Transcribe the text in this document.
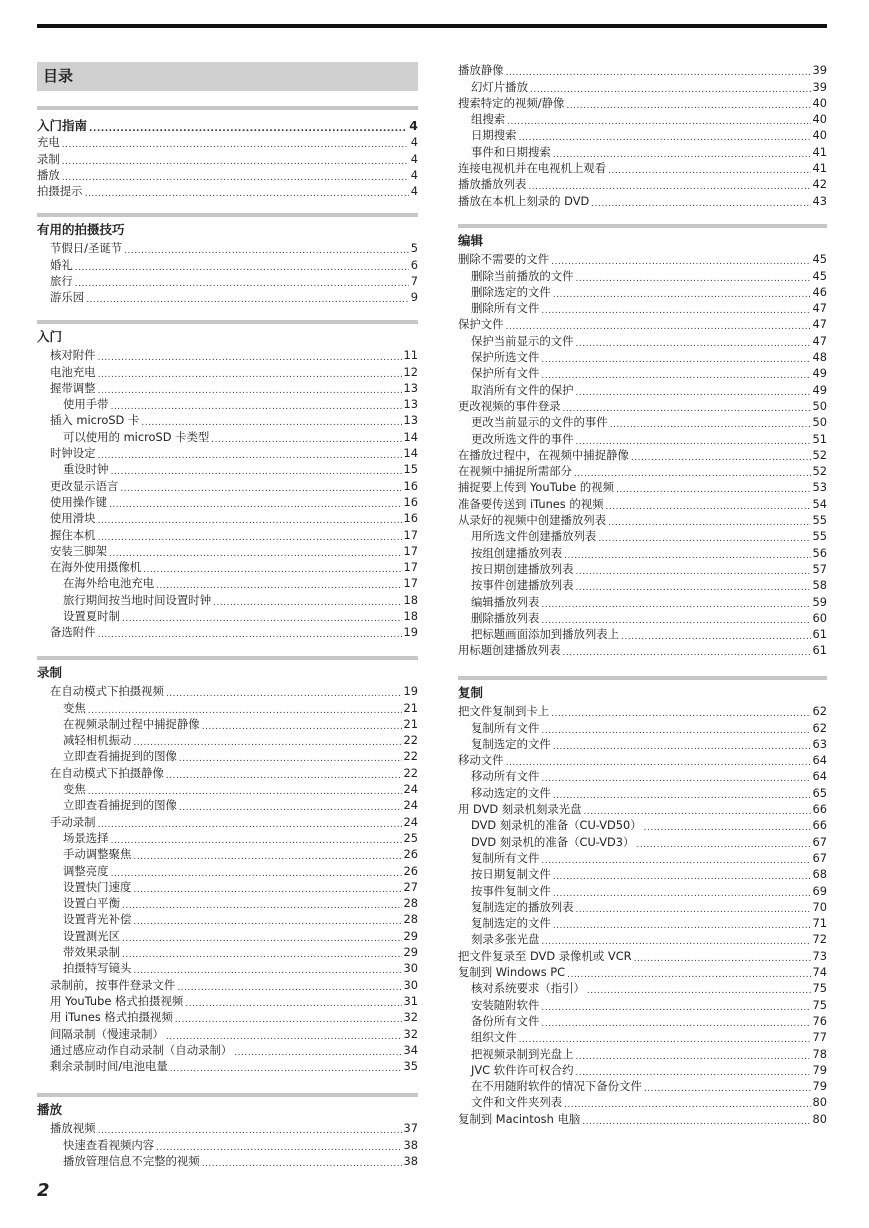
目录
入门指南 .....	4
充电 .....	4
录制 .....	4
播放 .....	4
拍摄提示 .....	4
有用的拍摄技巧
节假日/圣诞节 .....	5
婚礼 .....	6
旅行 .....	7
游乐园 .....	9
入门
核对附件 .....	11
电池充电 .....	12
握带调整 .....	13
使用手带 .....	13
插入 microSD 卡 .....	13
可以使用的 microSD 卡类型 .....	14
时钟设定 .....	14
重设时钟 .....	15
更改显示语言 .....	16
使用操作键 .....	16
使用滑块 .....	16
握住本机 .....	17
安装三脚架 .....	17
在海外使用摄像机 .....	17
在海外给电池充电 .....	17
旅行期间按当地时间设置时钟 .....	18
设置夏时制 .....	18
备选附件 .....	19
录制
在自动模式下拍摄视频 .....	19
变焦 .....	21
在视频录制过程中捕捉静像 .....	21
减轻相机振动 .....	22
立即查看捕捉到的图像 .....	22
在自动模式下拍摄静像 .....	22
变焦 .....	24
立即查看捕捉到的图像 .....	24
手动录制 .....	24
场景选择 .....	25
手动调整聚焦 .....	26
调整亮度 .....	26
设置快门速度 .....	27
设置白平衡 .....	28
设置背光补偿 .....	28
设置测光区 .....	29
带效果录制 .....	29
拍摄特写镜头 .....	30
录制前，按事件登录文件 .....	30
用 YouTube 格式拍摄视频 .....	31
用 iTunes 格式拍摄视频 .....	32
间隔录制（慢速录制） .....	32
通过感应动作自动录制（自动录制） .....	34
剩余录制时间/电池电量 .....	35
播放
播放视频 .....	37
快速查看视频内容 .....	38
播放管理信息不完整的视频 .....	38
播放静像 .....	39
幻灯片播放 .....	39
搜索特定的视频/静像 .....	40
组搜索 .....	40
日期搜索 .....	40
事件和日期搜索 .....	41
连接电视机并在电视机上观看 .....	41
播放播放列表 .....	42
播放在本机上刻录的 DVD .....	43
编辑
删除不需要的文件 .....	45
删除当前播放的文件 .....	45
删除选定的文件 .....	46
删除所有文件 .....	47
保护文件 .....	47
保护当前显示的文件 .....	47
保护所选文件 .....	48
保护所有文件 .....	49
取消所有文件的保护 .....	49
更改视频的事件登录 .....	50
更改当前显示的文件的事件 .....	50
更改所选文件的事件 .....	51
在播放过程中，在视频中捕捉静像 .....	52
在视频中捕捉所需部分 .....	52
捕捉要上传到 YouTube 的视频 .....	53
准备要传送到 iTunes 的视频 .....	54
从录好的视频中创建播放列表 .....	55
用所选文件创建播放列表 .....	55
按组创建播放列表 .....	56
按日期创建播放列表 .....	57
按事件创建播放列表 .....	58
编辑播放列表 .....	59
删除播放列表 .....	60
把标题画面添加到播放列表上 .....	61
用标题创建播放列表 .....	61
复制
把文件复制到卡上 .....	62
复制所有文件 .....	62
复制选定的文件 .....	63
移动文件 .....	64
移动所有文件 .....	64
移动选定的文件 .....	65
用 DVD 刻录机刻录光盘 .....	66
DVD 刻录机的准备（CU-VD50） .....	66
DVD 刻录机的准备（CU-VD3） .....	67
复制所有文件 .....	67
按日期复制文件 .....	68
按事件复制文件 .....	69
复制选定的播放列表 .....	70
复制选定的文件 .....	71
刻录多张光盘 .....	72
把文件复录至 DVD 录像机或 VCR .....	73
复制到 Windows PC .....	74
核对系统要求（指引） .....	75
安装随附软件 .....	75
备份所有文件 .....	76
组织文件 .....	77
把视频录制到光盘上 .....	78
JVC 软件许可权合约 .....	79
在不用随附软件的情况下备份文件 .....	79
文件和文件夹列表 .....	80
复制到 Macintosh 电脑 .....	80
2
